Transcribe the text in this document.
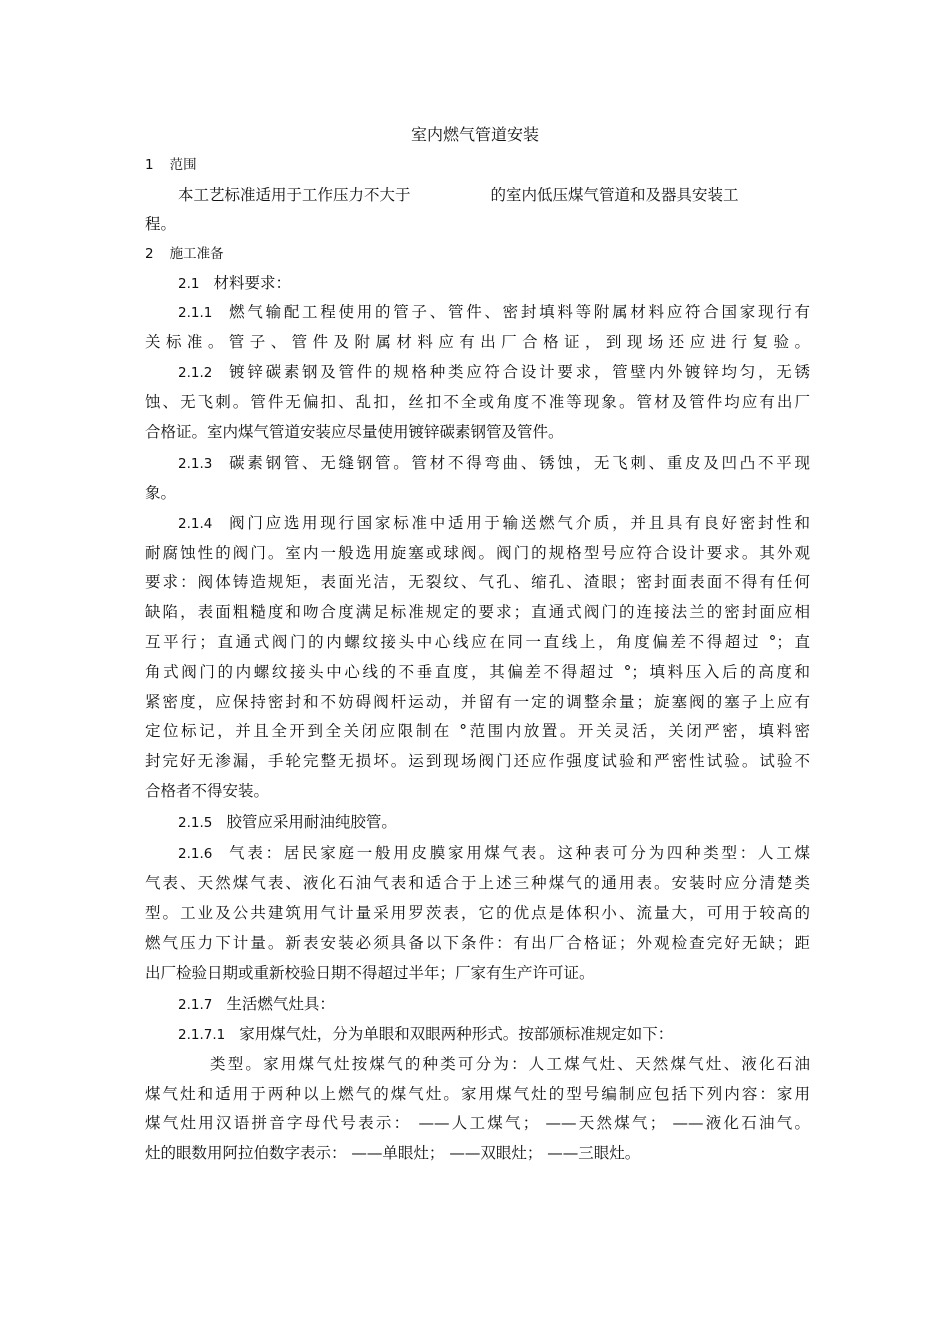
室内燃气管道安装
1 范围
本工艺标准适用于工作压力不大于	的室内低压煤气管道和及器具安装工
程。
2 施工准备
2.1 材料要求：
2.1.1 燃气输配工程使用的管子、管件、密封填料等附属材料应符合国家现行有
关标准。管子、管件及附属材料应有出厂合格证，到现场还应进行复验。
2.1.2 镀锌碳素钢及管件的规格种类应符合设计要求，管壁内外镀锌均匀，无锈
蚀、无飞刺。管件无偏扣、乱扣，丝扣不全或角度不准等现象。管材及管件均应有出厂
合格证。室内煤气管道安装应尽量使用镀锌碳素钢管及管件。
2.1.3 碳素钢管、无缝钢管。管材不得弯曲、锈蚀，无飞刺、重皮及凹凸不平现
象。
2.1.4 阀门应选用现行国家标准中适用于输送燃气介质，并且具有良好密封性和
耐腐蚀性的阀门。室内一般选用旋塞或球阀。阀门的规格型号应符合设计要求。其外观
要求：阀体铸造规矩，表面光洁，无裂纹、气孔、缩孔、渣眼；密封面表面不得有任何
缺陷，表面粗糙度和吻合度满足标准规定的要求；直通式阀门的连接法兰的密封面应相
互平行；直通式阀门的内螺纹接头中心线应在同一直线上，角度偏差不得超过 °；直
角式阀门的内螺纹接头中心线的不垂直度，其偏差不得超过 °；填料压入后的高度和
紧密度，应保持密封和不妨碍阀杆运动，并留有一定的调整余量；旋塞阀的塞子上应有
定位标记，并且全开到全关闭应限制在 °范围内放置。开关灵活，关闭严密，填料密
封完好无渗漏，手轮完整无损坏。运到现场阀门还应作强度试验和严密性试验。试验不
合格者不得安装。
2.1.5 胶管应采用耐油纯胶管。
2.1.6 气表：居民家庭一般用皮膜家用煤气表。这种表可分为四种类型：人工煤
气表、天然煤气表、液化石油气表和适合于上述三种煤气的通用表。安装时应分清楚类
型。工业及公共建筑用气计量采用罗茨表，它的优点是体积小、流量大，可用于较高的
燃气压力下计量。新表安装必须具备以下条件：有出厂合格证；外观检查完好无缺；距
出厂检验日期或重新校验日期不得超过半年；厂家有生产许可证。
2.1.7 生活燃气灶具：
2.1.7.1 家用煤气灶，分为单眼和双眼两种形式。按部颁标准规定如下：
类型。家用煤气灶按煤气的种类可分为：人工煤气灶、天然煤气灶、液化石油
煤气灶和适用于两种以上燃气的煤气灶。家用煤气灶的型号编制应包括下列内容：家用
煤气灶用汉语拼音字母代号表示： ——人工煤气； ——天然煤气； ——液化石油气。
灶的眼数用阿拉伯数字表示： ——单眼灶； ——双眼灶； ——三眼灶。
